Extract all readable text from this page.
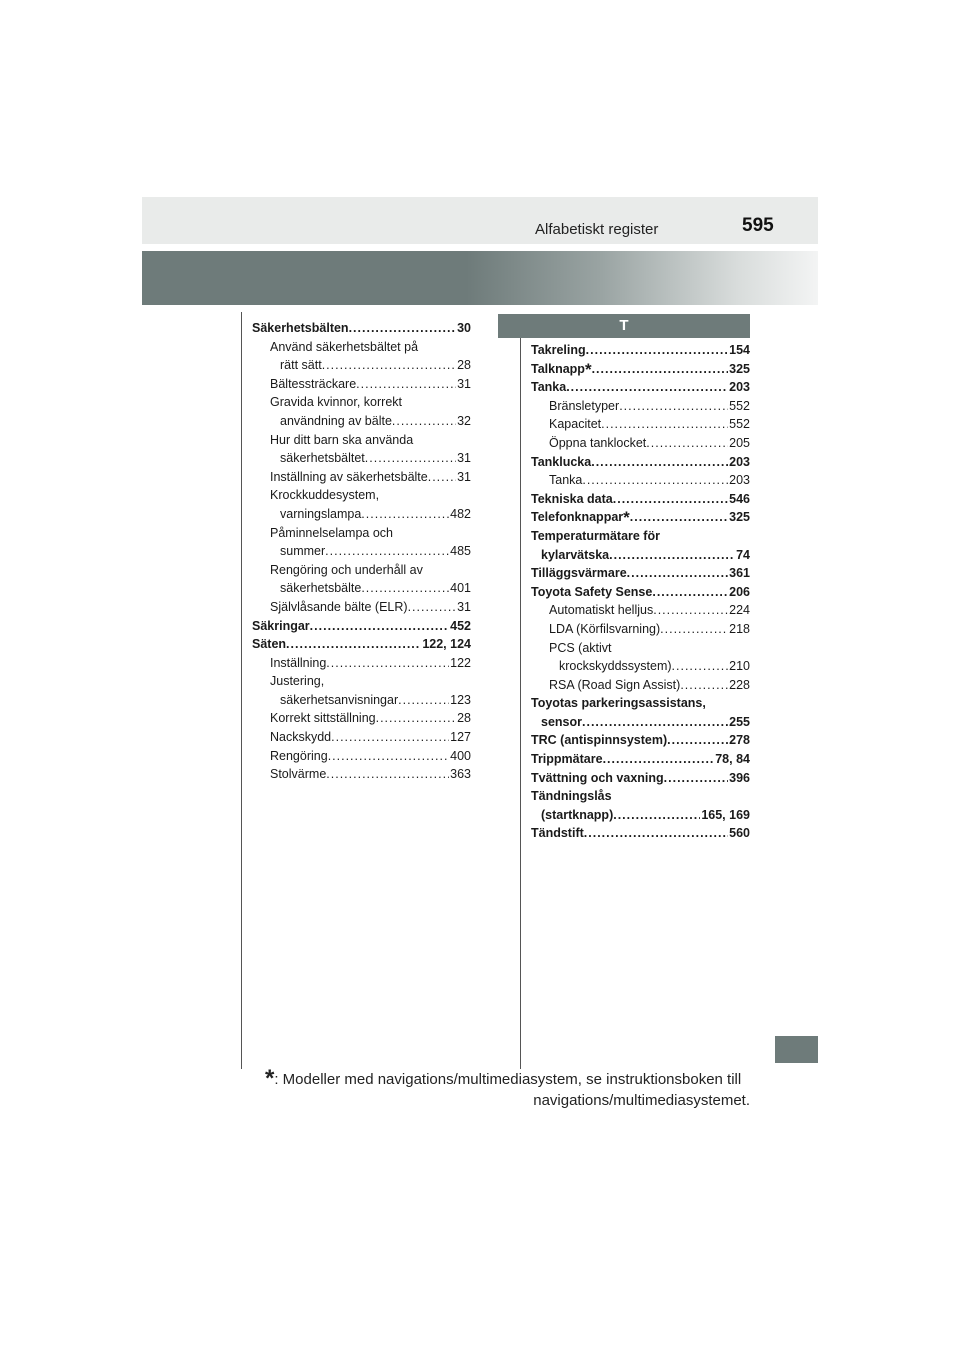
Alfabetiskt register	595
T
Säkerhetsbälten .....	30
Använd säkerhetsbältet på
rätt sätt .....	28
Bältessträckare .....	31
Gravida kvinnor, korrekt
användning av bälte .....	32
Hur ditt barn ska använda
säkerhetsbältet .....	31
Inställning av säkerhetsbälte ..... 31
Krockkuddesystem,
varningslampa .....	482
Påminnelselampa och
summer .....	485
Rengöring och underhåll av
säkerhetsbälte .....	401
Självlåsande bälte (ELR) .....	31
Säkringar .....	452
Säten .....	122, 124
Inställning .....	122
Justering,
säkerhetsanvisningar .....	123
Korrekt sittställning .....	28
Nackskydd .....	127
Rengöring .....	400
Stolvärme .....	363
Takreling .....	154
Talknapp* .....	325
Tanka .....	203
Bränsletyper .....	552
Kapacitet .....	552
Öppna tanklocket .....	205
Tanklucka .....	203
Tanka .....	203
Tekniska data .....	546
Telefonknappar* .....	325
Temperaturmätare för
kylarvätska .....	74
Tilläggsvärmare .....	361
Toyota Safety Sense .....	206
Automatiskt helljus .....	224
LDA (Körfilsvarning) .....	218
PCS (aktivt
krockskyddssystem) .....	210
RSA (Road Sign Assist) .....	228
Toyotas parkeringsassistans,
sensor .....	255
TRC (antispinnsystem) .....	278
Trippmätare .....	78, 84
Tvättning och vaxning .....	396
Tändningslås
(startknapp) .....	165, 169
Tändstift .....	560
*: Modeller med navigations/multimediasystem, se instruktionsboken till
navigations/multimediasystemet.
